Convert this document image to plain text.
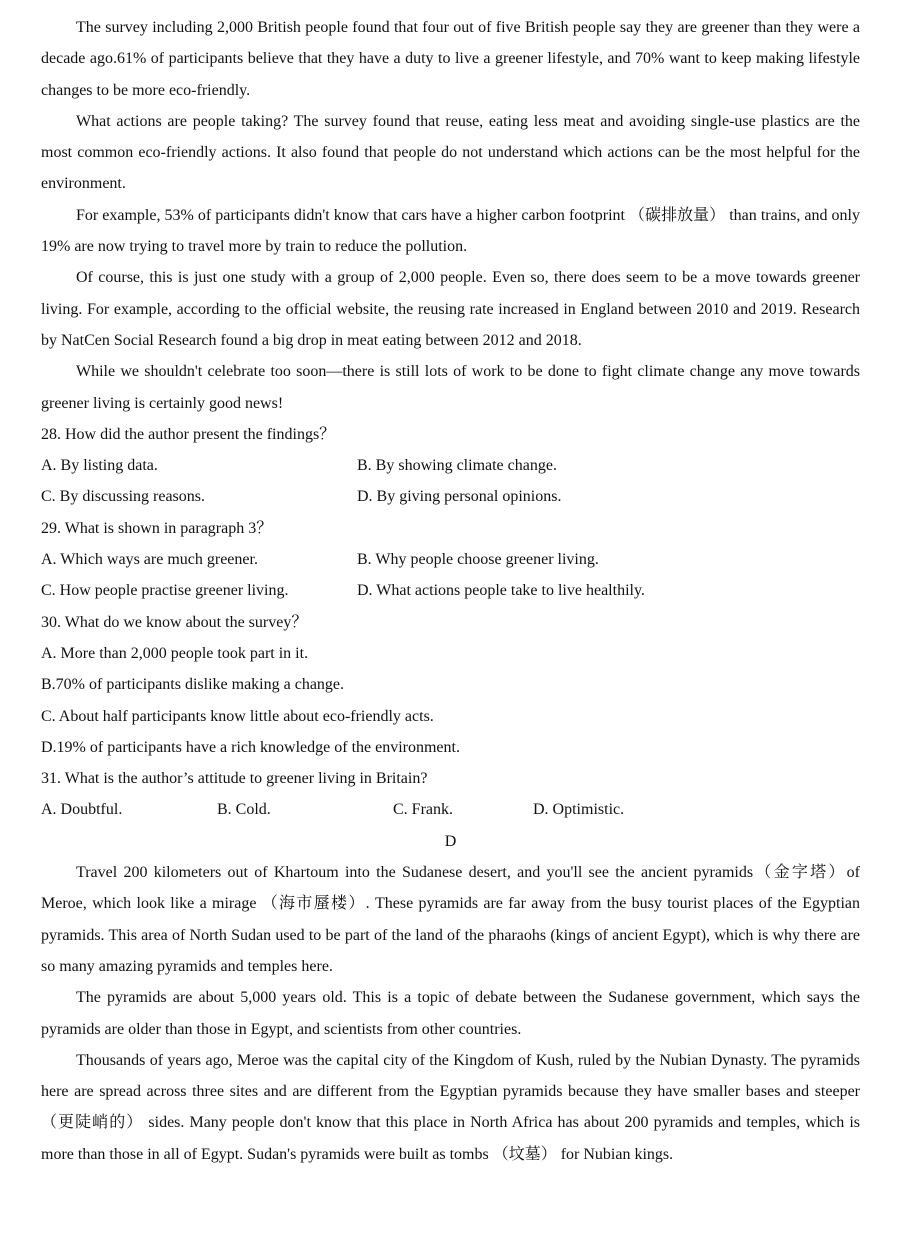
The survey including 2,000 British people found that four out of five British people say they are greener than they were a decade ago.61% of participants believe that they have a duty to live a greener lifestyle, and 70% want to keep making lifestyle changes to be more eco-friendly.

What actions are people taking? The survey found that reuse, eating less meat and avoiding single-use plastics are the most common eco-friendly actions. It also found that people do not understand which actions can be the most helpful for the environment.

For example, 53% of participants didn't know that cars have a higher carbon footprint （碳排放量） than trains, and only 19% are now trying to travel more by train to reduce the pollution.

Of course, this is just one study with a group of 2,000 people. Even so, there does seem to be a move towards greener living. For example, according to the official website, the reusing rate increased in England between 2010 and 2019. Research by NatCen Social Research found a big drop in meat eating between 2012 and 2018.

While we shouldn't celebrate too soon—there is still lots of work to be done to fight climate change any move towards greener living is certainly good news!

28. How did the author present the findings？

A. By listing data.	B. By showing climate change.
C. By discussing reasons.	D. By giving personal opinions.

29. What is shown in paragraph 3？

A. Which ways are much greener.	B. Why people choose greener living.
C. How people practise greener living.	D. What actions people take to live healthily.

30. What do we know about the survey？

A. More than 2,000 people took part in it.

B.70% of participants dislike making a change.

C. About half participants know little about eco-friendly acts.

D.19% of participants have a rich knowledge of the environment.

31. What is the author’s attitude to greener living in Britain?

A. Doubtful.	B. Cold.	C. Frank.	D. Optimistic.

D

Travel 200 kilometers out of Khartoum into the Sudanese desert, and you'll see the ancient pyramids（金字塔）of Meroe, which look like a mirage （海市蜃楼）. These pyramids are far away from the busy tourist places of the Egyptian pyramids. This area of North Sudan used to be part of the land of the pharaohs (kings of ancient Egypt), which is why there are so many amazing pyramids and temples here.

The pyramids are about 5,000 years old. This is a topic of debate between the Sudanese government, which says the pyramids are older than those in Egypt, and scientists from other countries.

Thousands of years ago, Meroe was the capital city of the Kingdom of Kush, ruled by the Nubian Dynasty. The pyramids here are spread across three sites and are different from the Egyptian pyramids because they have smaller bases and steeper （更陡峭的） sides. Many people don't know that this place in North Africa has about 200 pyramids and temples, which is more than those in all of Egypt. Sudan's pyramids were built as tombs （坟墓） for Nubian kings.
